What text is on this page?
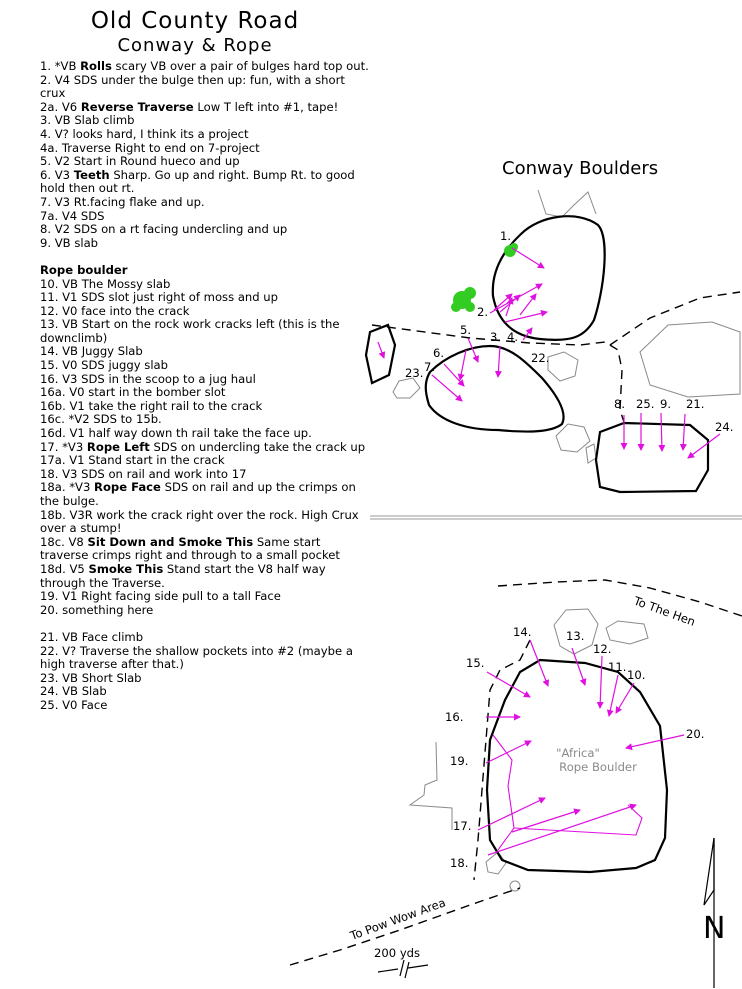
Old County Road
Conway & Rope
1. *VB Rolls scary VB over a pair of bulges hard top out.
2. V4 SDS under the bulge then up: fun, with a short crux
2a. V6 Reverse Traverse Low T left into #1, tape!
3. VB Slab climb
4. V? looks hard, I think its a project
4a. Traverse Right to end on 7-project
5. V2 Start in Round hueco and up
6. V3 Teeth Sharp. Go up and right. Bump Rt. to good hold then out rt.
7. V3 Rt.facing flake and up.
7a. V4 SDS
8. V2 SDS on a rt facing undercling and up
9. VB slab
Rope boulder
10. VB The Mossy slab
11. V1 SDS slot just right of moss and up
12. V0 face into the crack
13. VB Start on the rock work cracks left (this is the downclimb)
14. VB Juggy Slab
15. V0 SDS juggy slab
16. V3 SDS in the scoop to a jug haul
16a. V0 start in the bomber slot
16b. V1 take the right rail to the crack
16c. *V2 SDS to 15b.
16d. V1 half way down th rail take the face up.
17. *V3 Rope Left SDS on undercling take the crack up
17a. V1 Stand start in the crack
18. V3 SDS on rail and work into 17
18a. *V3 Rope Face SDS on rail and up the crimps on the bulge.
18b. V3R work the crack right over the rock. High Crux over a stump!
18c. V8 Sit Down and Smoke This Same start traverse crimps right and through to a small pocket
18d. V5 Smoke This Stand start the V8 half way through the Traverse.
19. V1 Right facing side pull to a tall Face
20. something here
21. VB Face climb
22. V? Traverse the shallow pockets into #2 (maybe a high traverse after that.)
23. VB Short Slab
24. VB Slab
25. V0 Face
Conway Boulders
1.
2.
3. 4.
5.
6.
7.
23.
22.
8. 25. 9. 21.
24.
To The Hen
"Africa"
Rope Boulder
13.
14.
15.
12.
11.
10.
16.
19.
20.
17.
18.
To Pow Wow Area
200 yds
N
